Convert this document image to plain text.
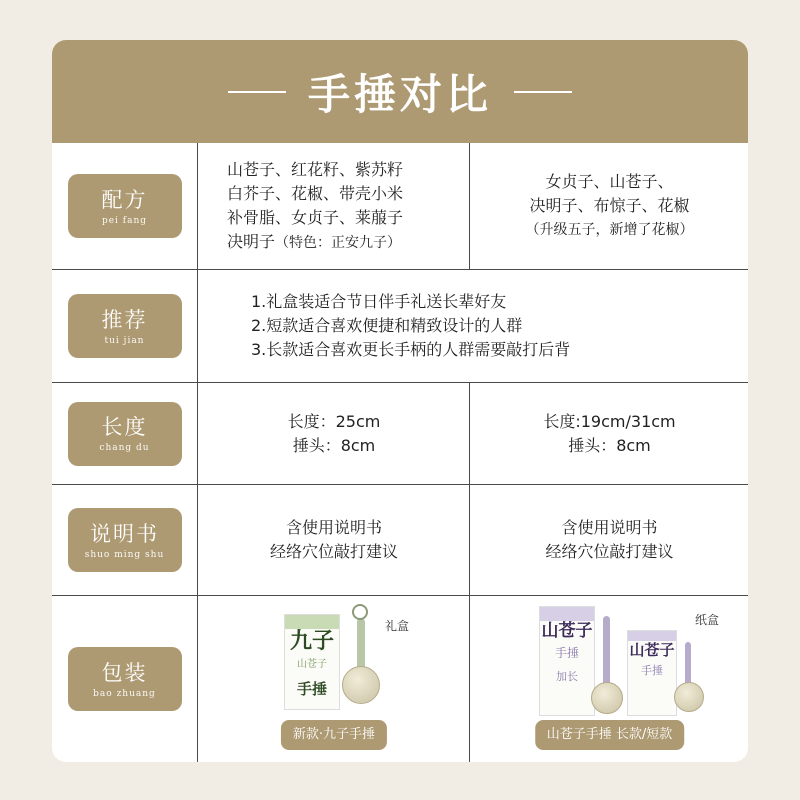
手捶对比
配方
pei fang
山苍子、红花籽、紫苏籽
白芥子、花椒、带壳小米
补骨脂、女贞子、莱菔子
决明子（特色：正安九子）
女贞子、山苍子、
决明子、布惊子、花椒
（升级五子，新增了花椒）
推荐
tui jian
1.礼盒装适合节日伴手礼送长辈好友
2.短款适合喜欢便捷和精致设计的人群
3.长款适合喜欢更长手柄的人群需要敲打后背
长度
chang du
长度：25cm
捶头：8cm
长度:19cm/31cm
捶头：8cm
说明书
shuo ming shu
含使用说明书
经络穴位敲打建议
含使用说明书
经络穴位敲打建议
包装
bao zhuang
九子
山苍子
手捶
礼盒
新款·九子手捶
山苍子
手捶
加长
山苍子
手捶
纸盒
山苍子手捶 长款/短款
